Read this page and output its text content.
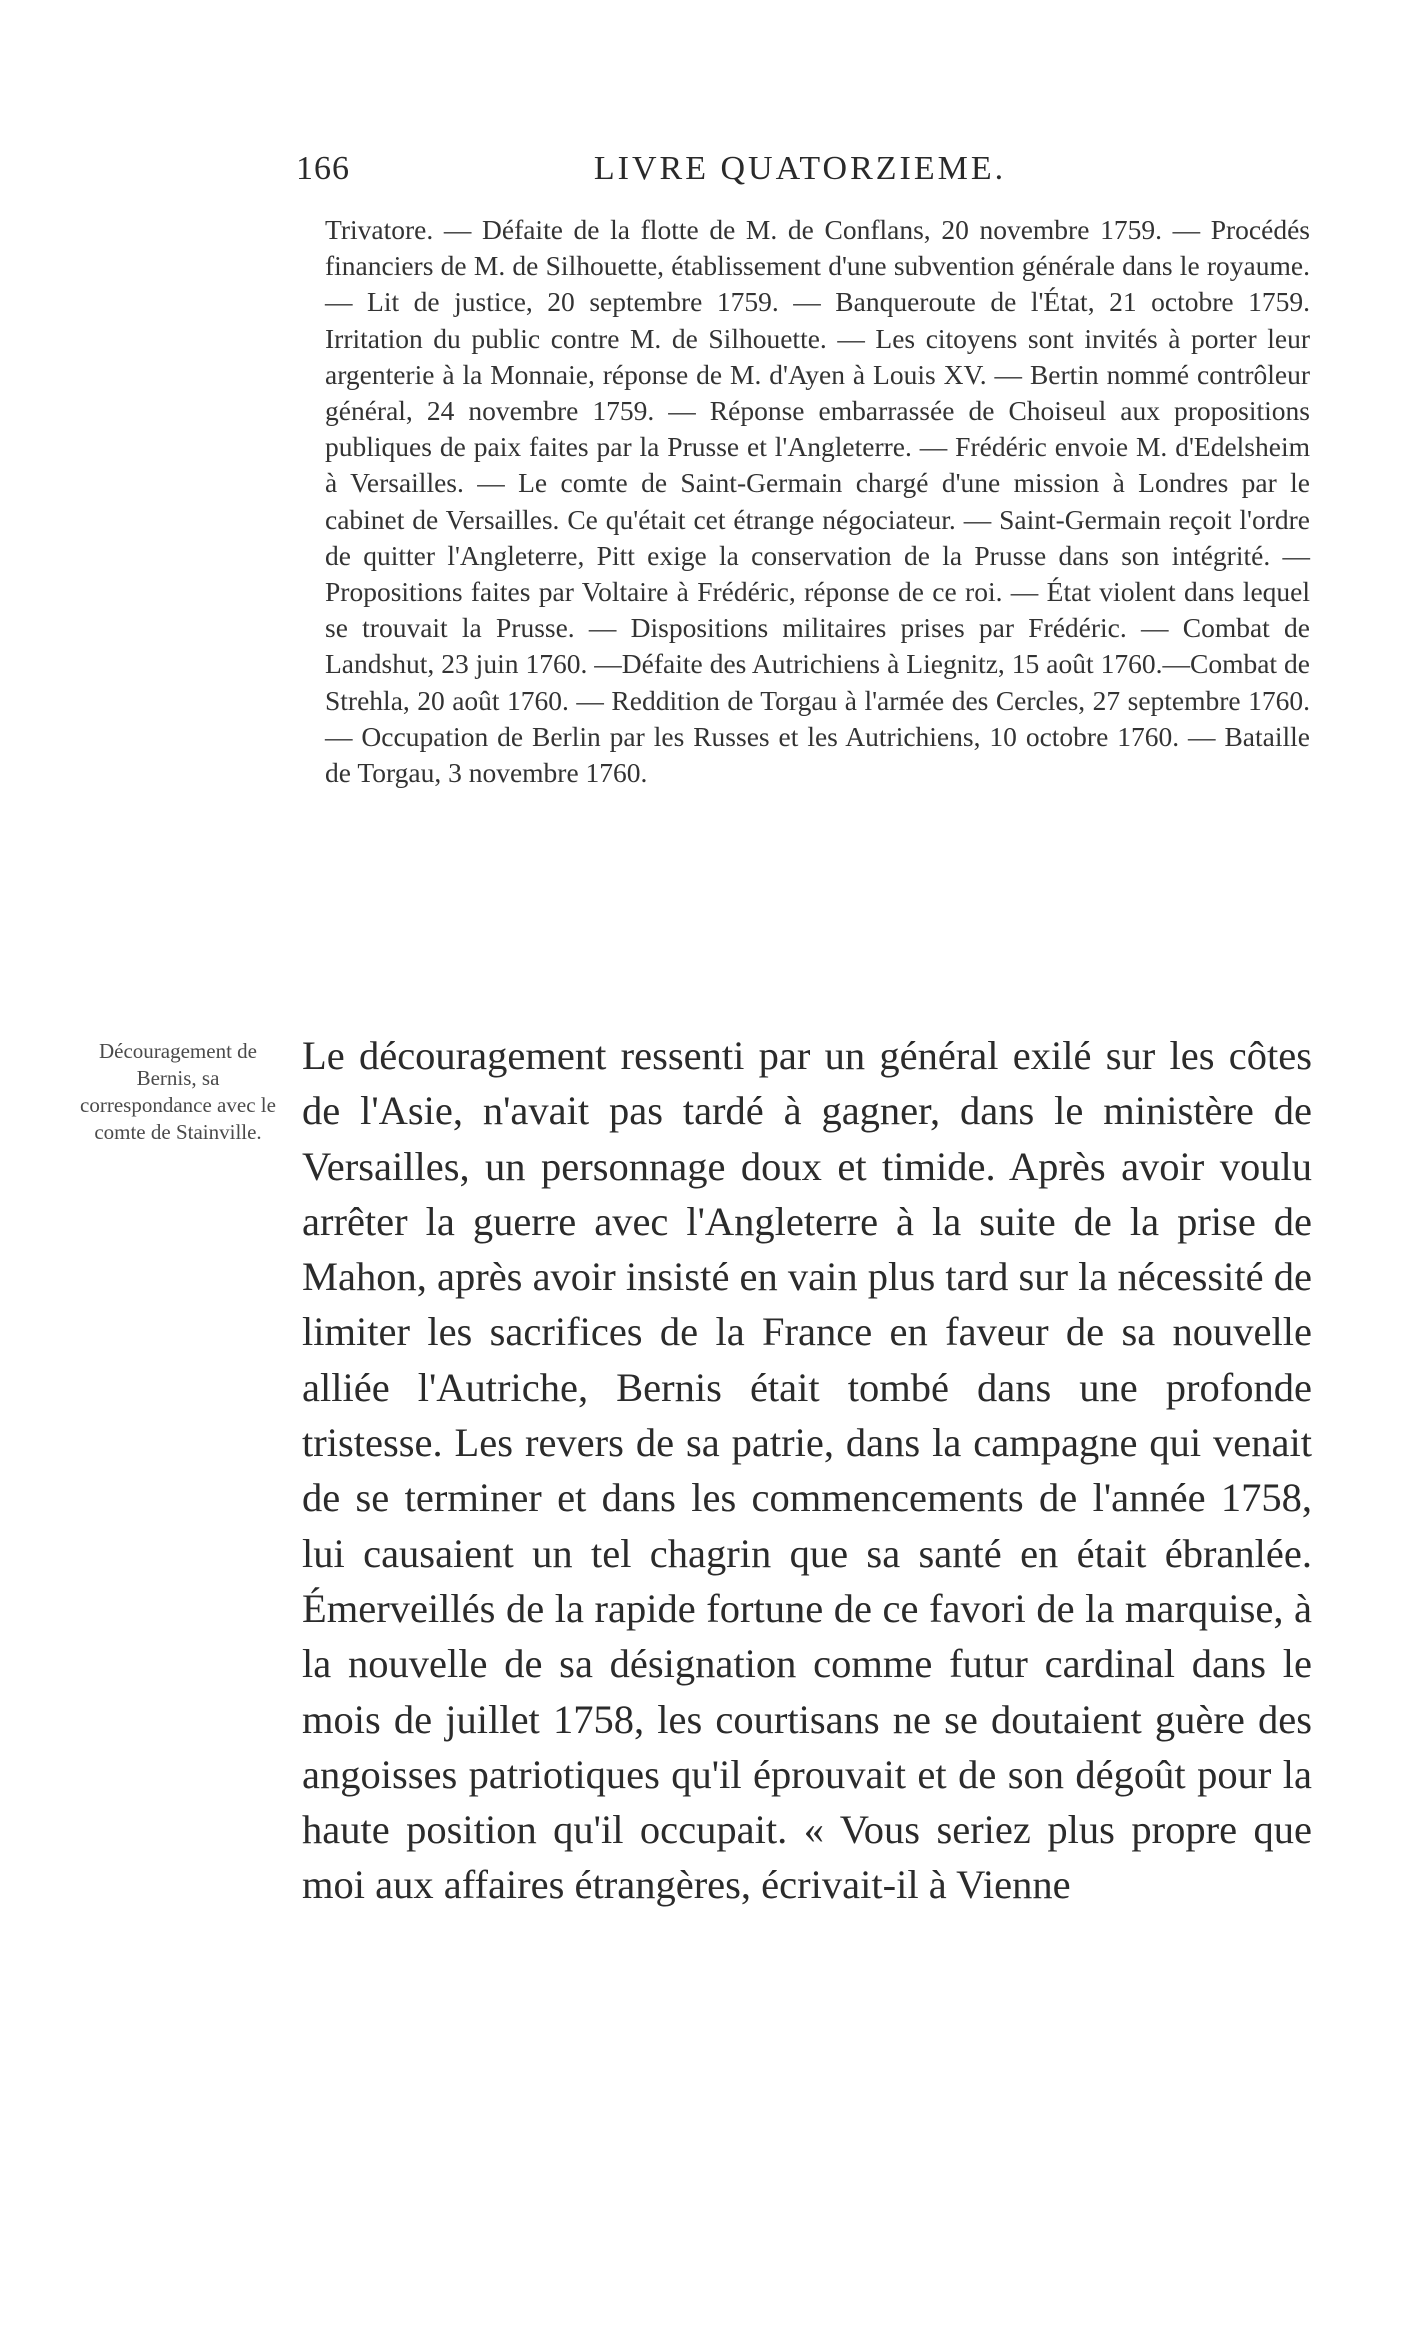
166	LIVRE QUATORZIEME.

Trivatore. — Défaite de la flotte de M. de Conflans, 20 novembre 1759. — Procédés financiers de M. de Silhouette, établissement d'une subvention générale dans le royaume. — Lit de justice, 20 septembre 1759. — Banqueroute de l'État, 21 octobre 1759. Irritation du public contre M. de Silhouette. — Les citoyens sont invités à porter leur argenterie à la Monnaie, réponse de M. d'Ayen à Louis XV. — Bertin nommé contrôleur général, 24 novembre 1759. — Réponse embarrassée de Choiseul aux propositions publiques de paix faites par la Prusse et l'Angleterre. — Frédéric envoie M. d'Edelsheim à Versailles. — Le comte de Saint-Germain chargé d'une mission à Londres par le cabinet de Versailles. Ce qu'était cet étrange négociateur. — Saint-Germain reçoit l'ordre de quitter l'Angleterre, Pitt exige la conservation de la Prusse dans son intégrité. — Propositions faites par Voltaire à Frédéric, réponse de ce roi. — État violent dans lequel se trouvait la Prusse. — Dispositions militaires prises par Frédéric. — Combat de Landshut, 23 juin 1760. —Défaite des Autrichiens à Liegnitz, 15 août 1760.—Combat de Strehla, 20 août 1760. — Reddition de Torgau à l'armée des Cercles, 27 septembre 1760. — Occupation de Berlin par les Russes et les Autrichiens, 10 octobre 1760. — Bataille de Torgau, 3 novembre 1760.

Découragement de Bernis, sa correspondance avec le comte de Stainville.

Le découragement ressenti par un général exilé sur les côtes de l'Asie, n'avait pas tardé à gagner, dans le ministère de Versailles, un personnage doux et timide. Après avoir voulu arrêter la guerre avec l'Angleterre à la suite de la prise de Mahon, après avoir insisté en vain plus tard sur la nécessité de limiter les sacrifices de la France en faveur de sa nouvelle alliée l'Autriche, Bernis était tombé dans une profonde tristesse. Les revers de sa patrie, dans la campagne qui venait de se terminer et dans les commencements de l'année 1758, lui causaient un tel chagrin que sa santé en était ébranlée. Émerveillés de la rapide fortune de ce favori de la marquise, à la nouvelle de sa désignation comme futur cardinal dans le mois de juillet 1758, les courtisans ne se doutaient guère des angoisses patriotiques qu'il éprouvait et de son dégoût pour la haute position qu'il occupait. « Vous seriez plus propre que moi aux affaires étrangères, écrivait-il à Vienne
